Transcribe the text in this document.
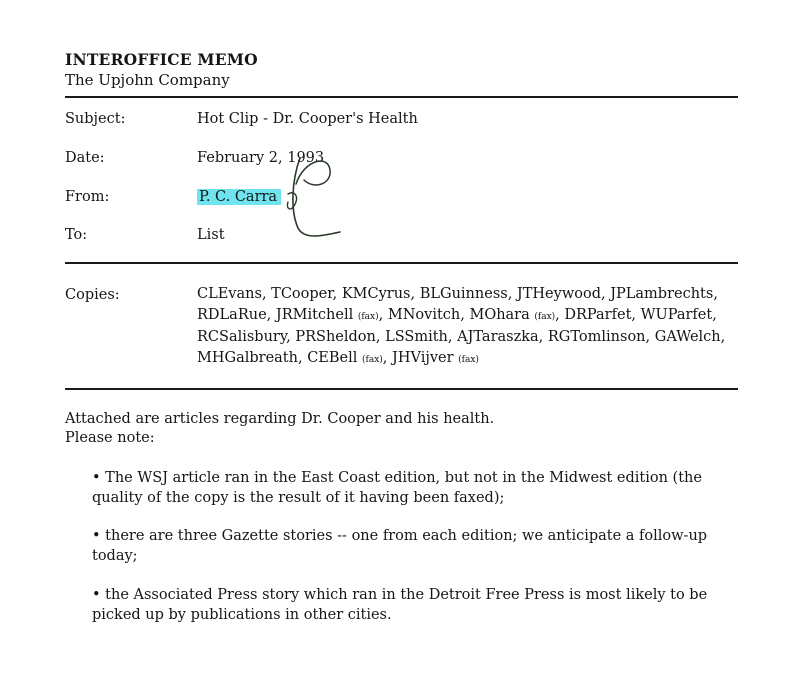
INTEROFFICE MEMO
The Upjohn Company
Subject:	Hot Clip - Dr. Cooper's Health
Date:	February 2, 1993
From:	P. C. Carra
To:	List
Copies:	CLEvans, TCooper, KMCyrus, BLGuinness, JTHeywood, JPLambrechts, RDLaRue, JRMitchell (fax), MNovitch, MOhara (fax), DRParfet, WUParfet, RCSalisbury, PRSheldon, LSSmith, AJTaraszka, RGTomlinson, GAWelch, MHGalbreath, CEBell (fax), JHVijver (fax)
Attached are articles regarding Dr. Cooper and his health.
Please note:
• The WSJ article ran in the East Coast edition, but not in the Midwest edition (the quality of the copy is the result of it having been faxed);
• there are three Gazette stories -- one from each edition; we anticipate a follow-up today;
• the Associated Press story which ran in the Detroit Free Press is most likely to be picked up by publications in other cities.
